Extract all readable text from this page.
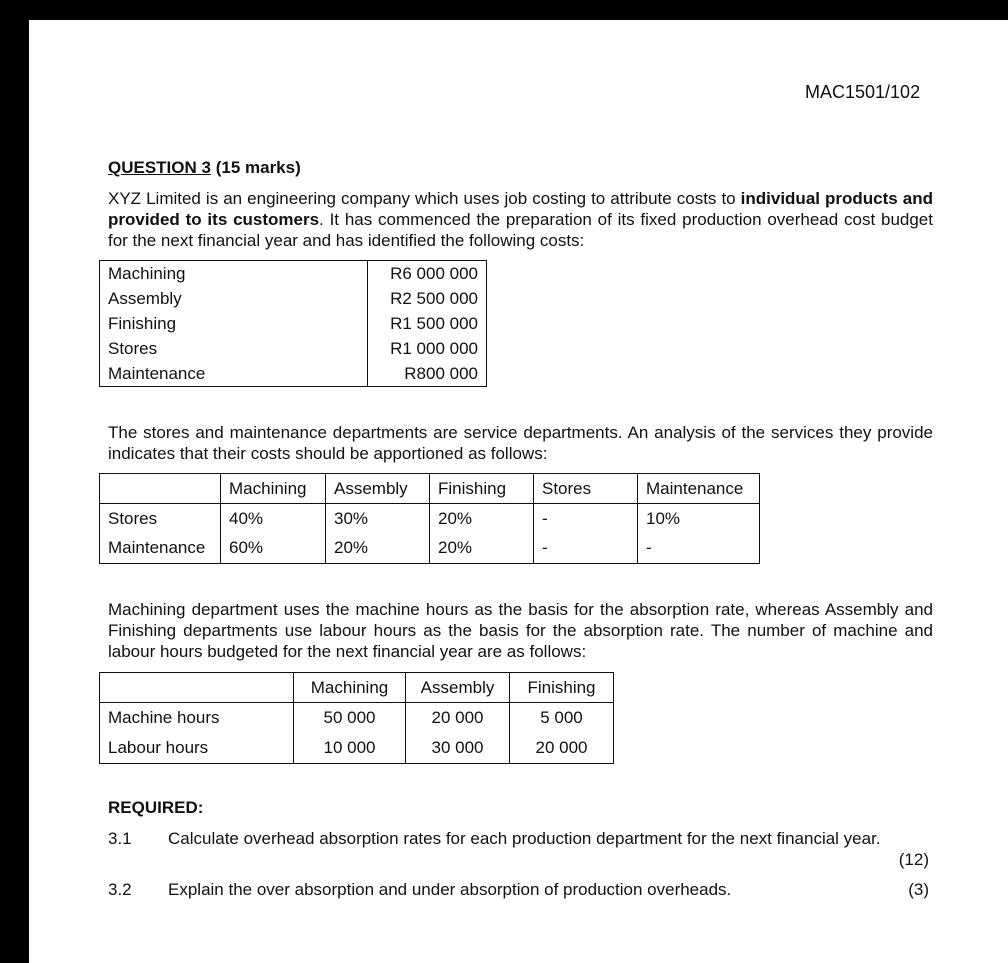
MAC1501/102
QUESTION 3 (15 marks)
XYZ Limited is an engineering company which uses job costing to attribute costs to individual products and provided to its customers. It has commenced the preparation of its fixed production overhead cost budget for the next financial year and has identified the following costs:
Machining	R6 000 000
Assembly	R2 500 000
Finishing	R1 500 000
Stores	R1 000 000
Maintenance	R800 000
The stores and maintenance departments are service departments. An analysis of the services they provide indicates that their costs should be apportioned as follows:
	Machining	Assembly	Finishing	Stores	Maintenance
Stores	40%	30%	20%	-	10%
Maintenance	60%	20%	20%	-	-
Machining department uses the machine hours as the basis for the absorption rate, whereas Assembly and Finishing departments use labour hours as the basis for the absorption rate. The number of machine and labour hours budgeted for the next financial year are as follows:
	Machining	Assembly	Finishing
Machine hours	50 000	20 000	5 000
Labour hours	10 000	30 000	20 000
REQUIRED:
3.1 Calculate overhead absorption rates for each production department for the next financial year.
(12)
3.2 Explain the over absorption and under absorption of production overheads.	(3)
